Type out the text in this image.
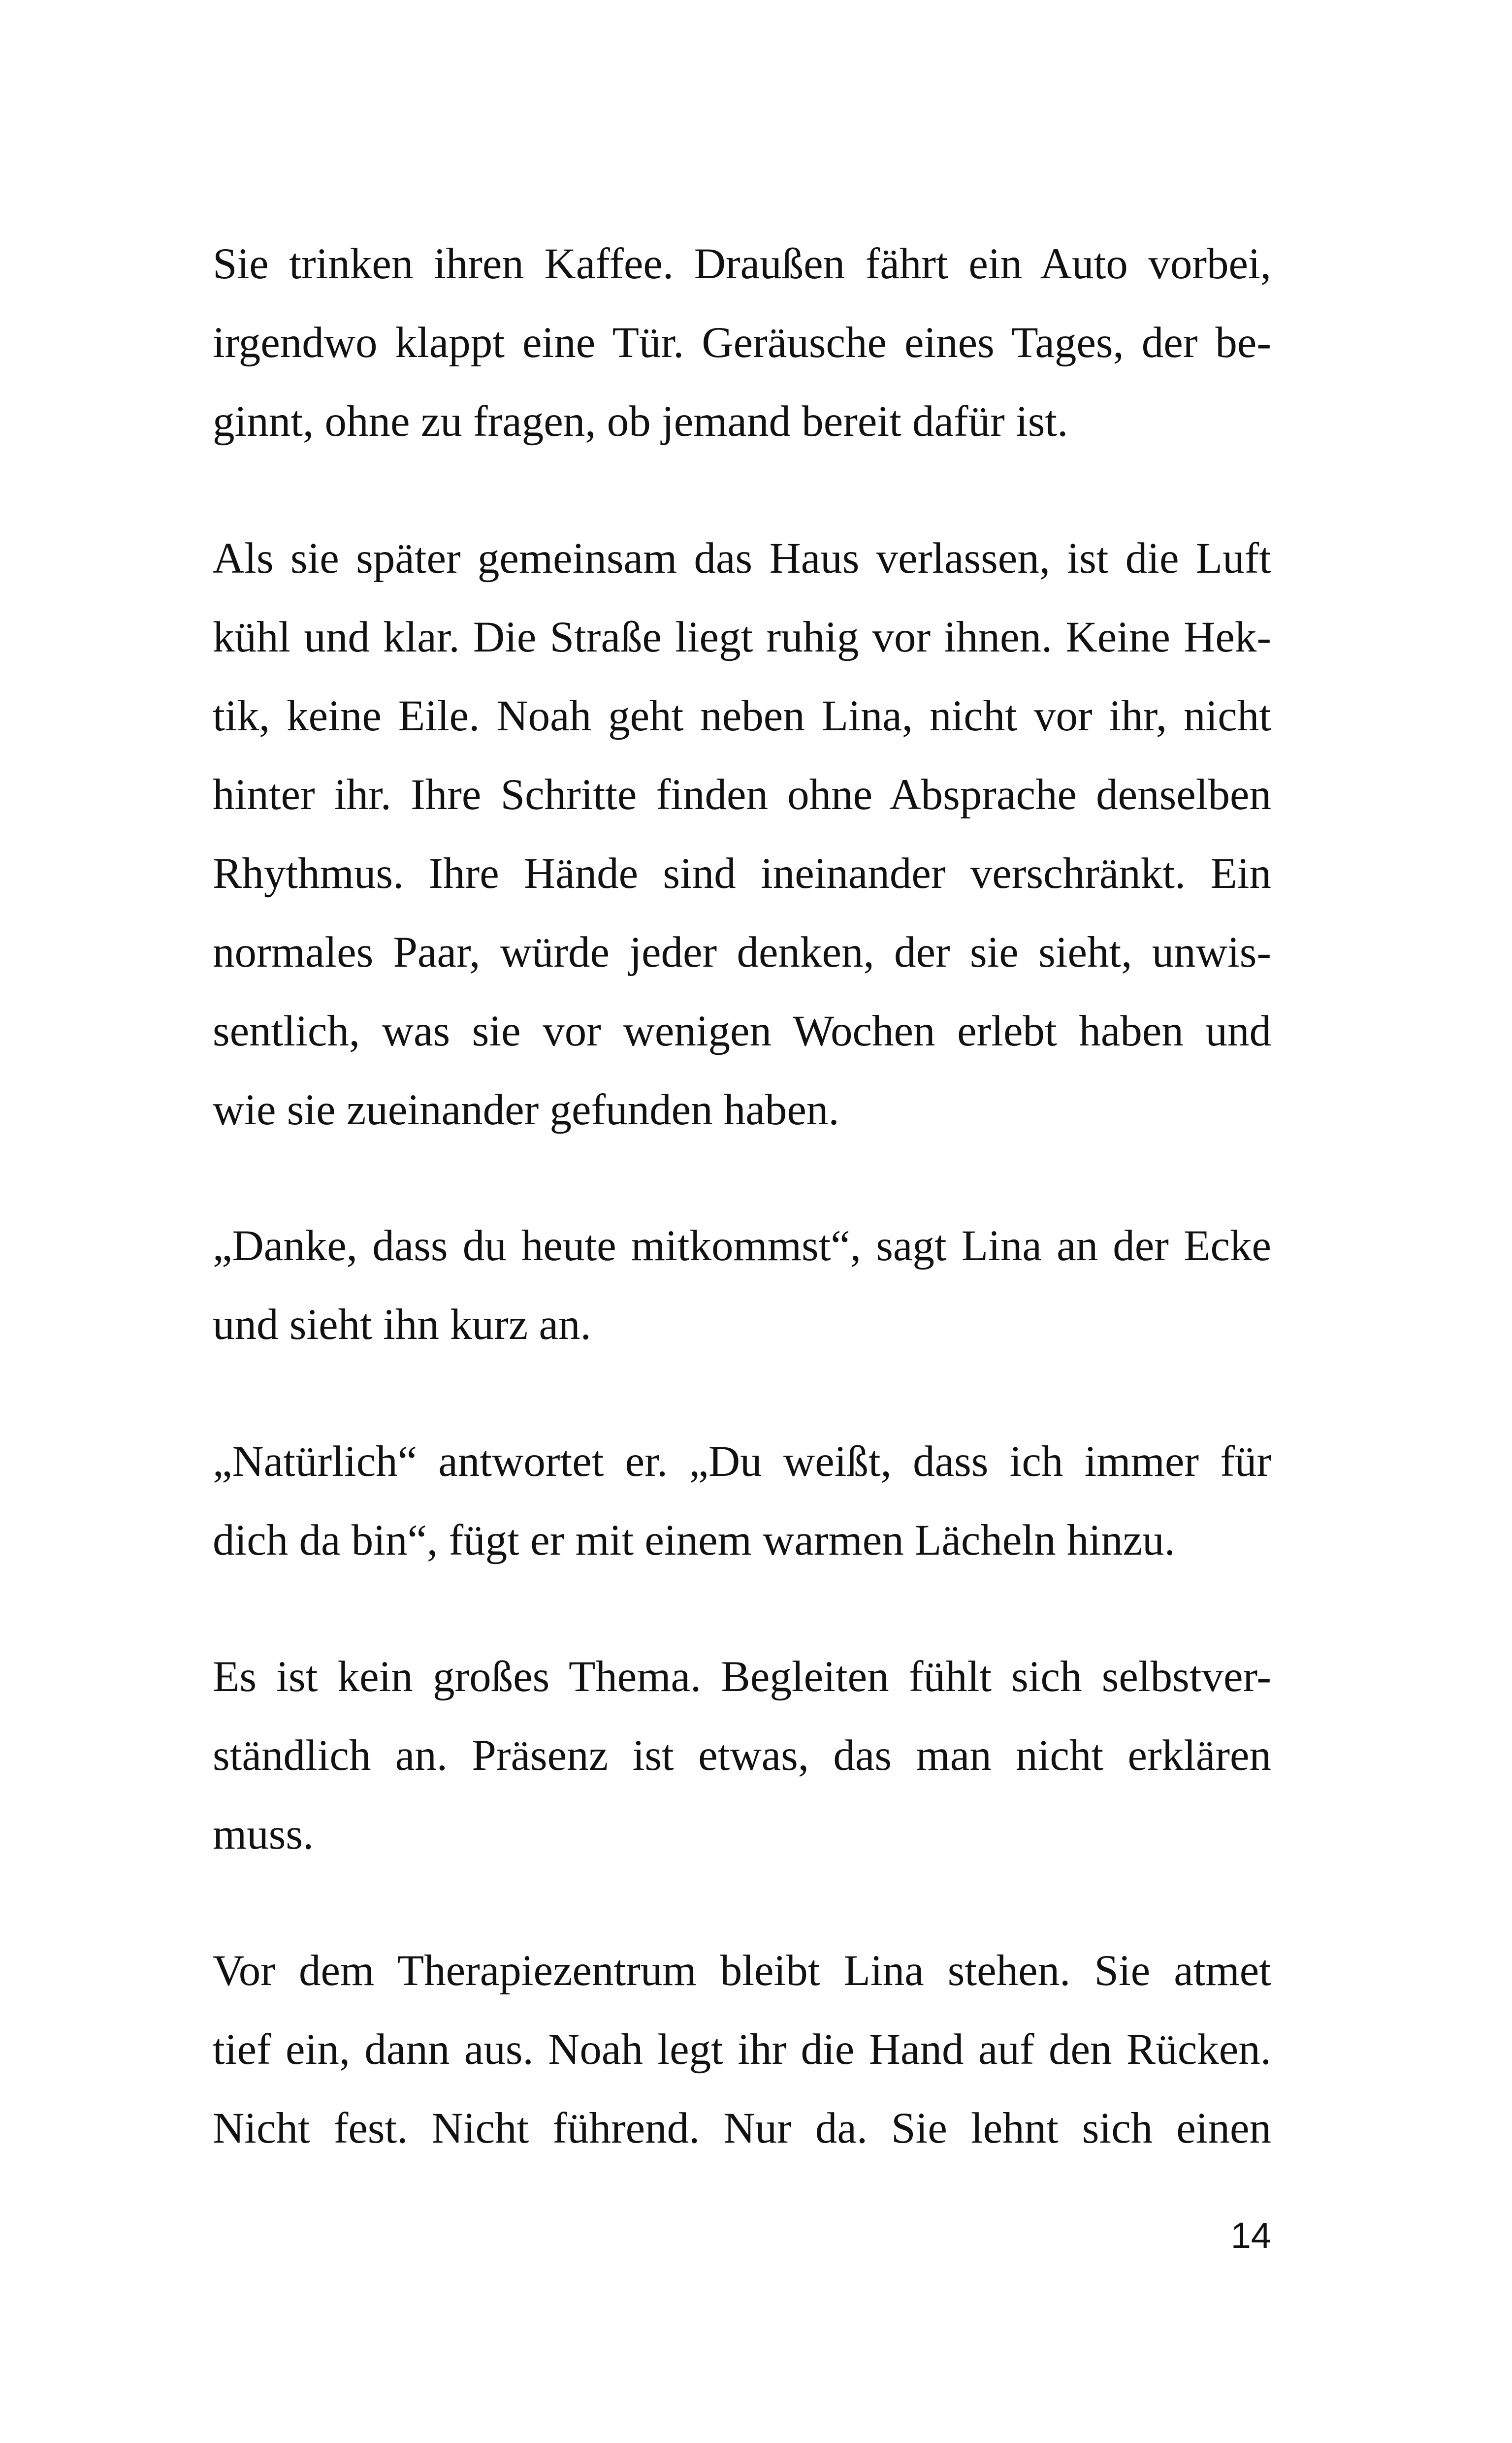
Sie trinken ihren Kaffee. Draußen fährt ein Auto vorbei,
irgendwo klappt eine Tür. Geräusche eines Tages, der be-
ginnt, ohne zu fragen, ob jemand bereit dafür ist.
Als sie später gemeinsam das Haus verlassen, ist die Luft
kühl und klar. Die Straße liegt ruhig vor ihnen. Keine Hek-
tik, keine Eile. Noah geht neben Lina, nicht vor ihr, nicht
hinter ihr. Ihre Schritte finden ohne Absprache denselben
Rhythmus. Ihre Hände sind ineinander verschränkt. Ein
normales Paar, würde jeder denken, der sie sieht, unwis-
sentlich, was sie vor wenigen Wochen erlebt haben und
wie sie zueinander gefunden haben.
„Danke, dass du heute mitkommst“, sagt Lina an der Ecke
und sieht ihn kurz an.
„Natürlich“ antwortet er. „Du weißt, dass ich immer für
dich da bin“, fügt er mit einem warmen Lächeln hinzu.
Es ist kein großes Thema. Begleiten fühlt sich selbstver-
ständlich an. Präsenz ist etwas, das man nicht erklären
muss.
Vor dem Therapiezentrum bleibt Lina stehen. Sie atmet
tief ein, dann aus. Noah legt ihr die Hand auf den Rücken.
Nicht fest. Nicht führend. Nur da. Sie lehnt sich einen
14
